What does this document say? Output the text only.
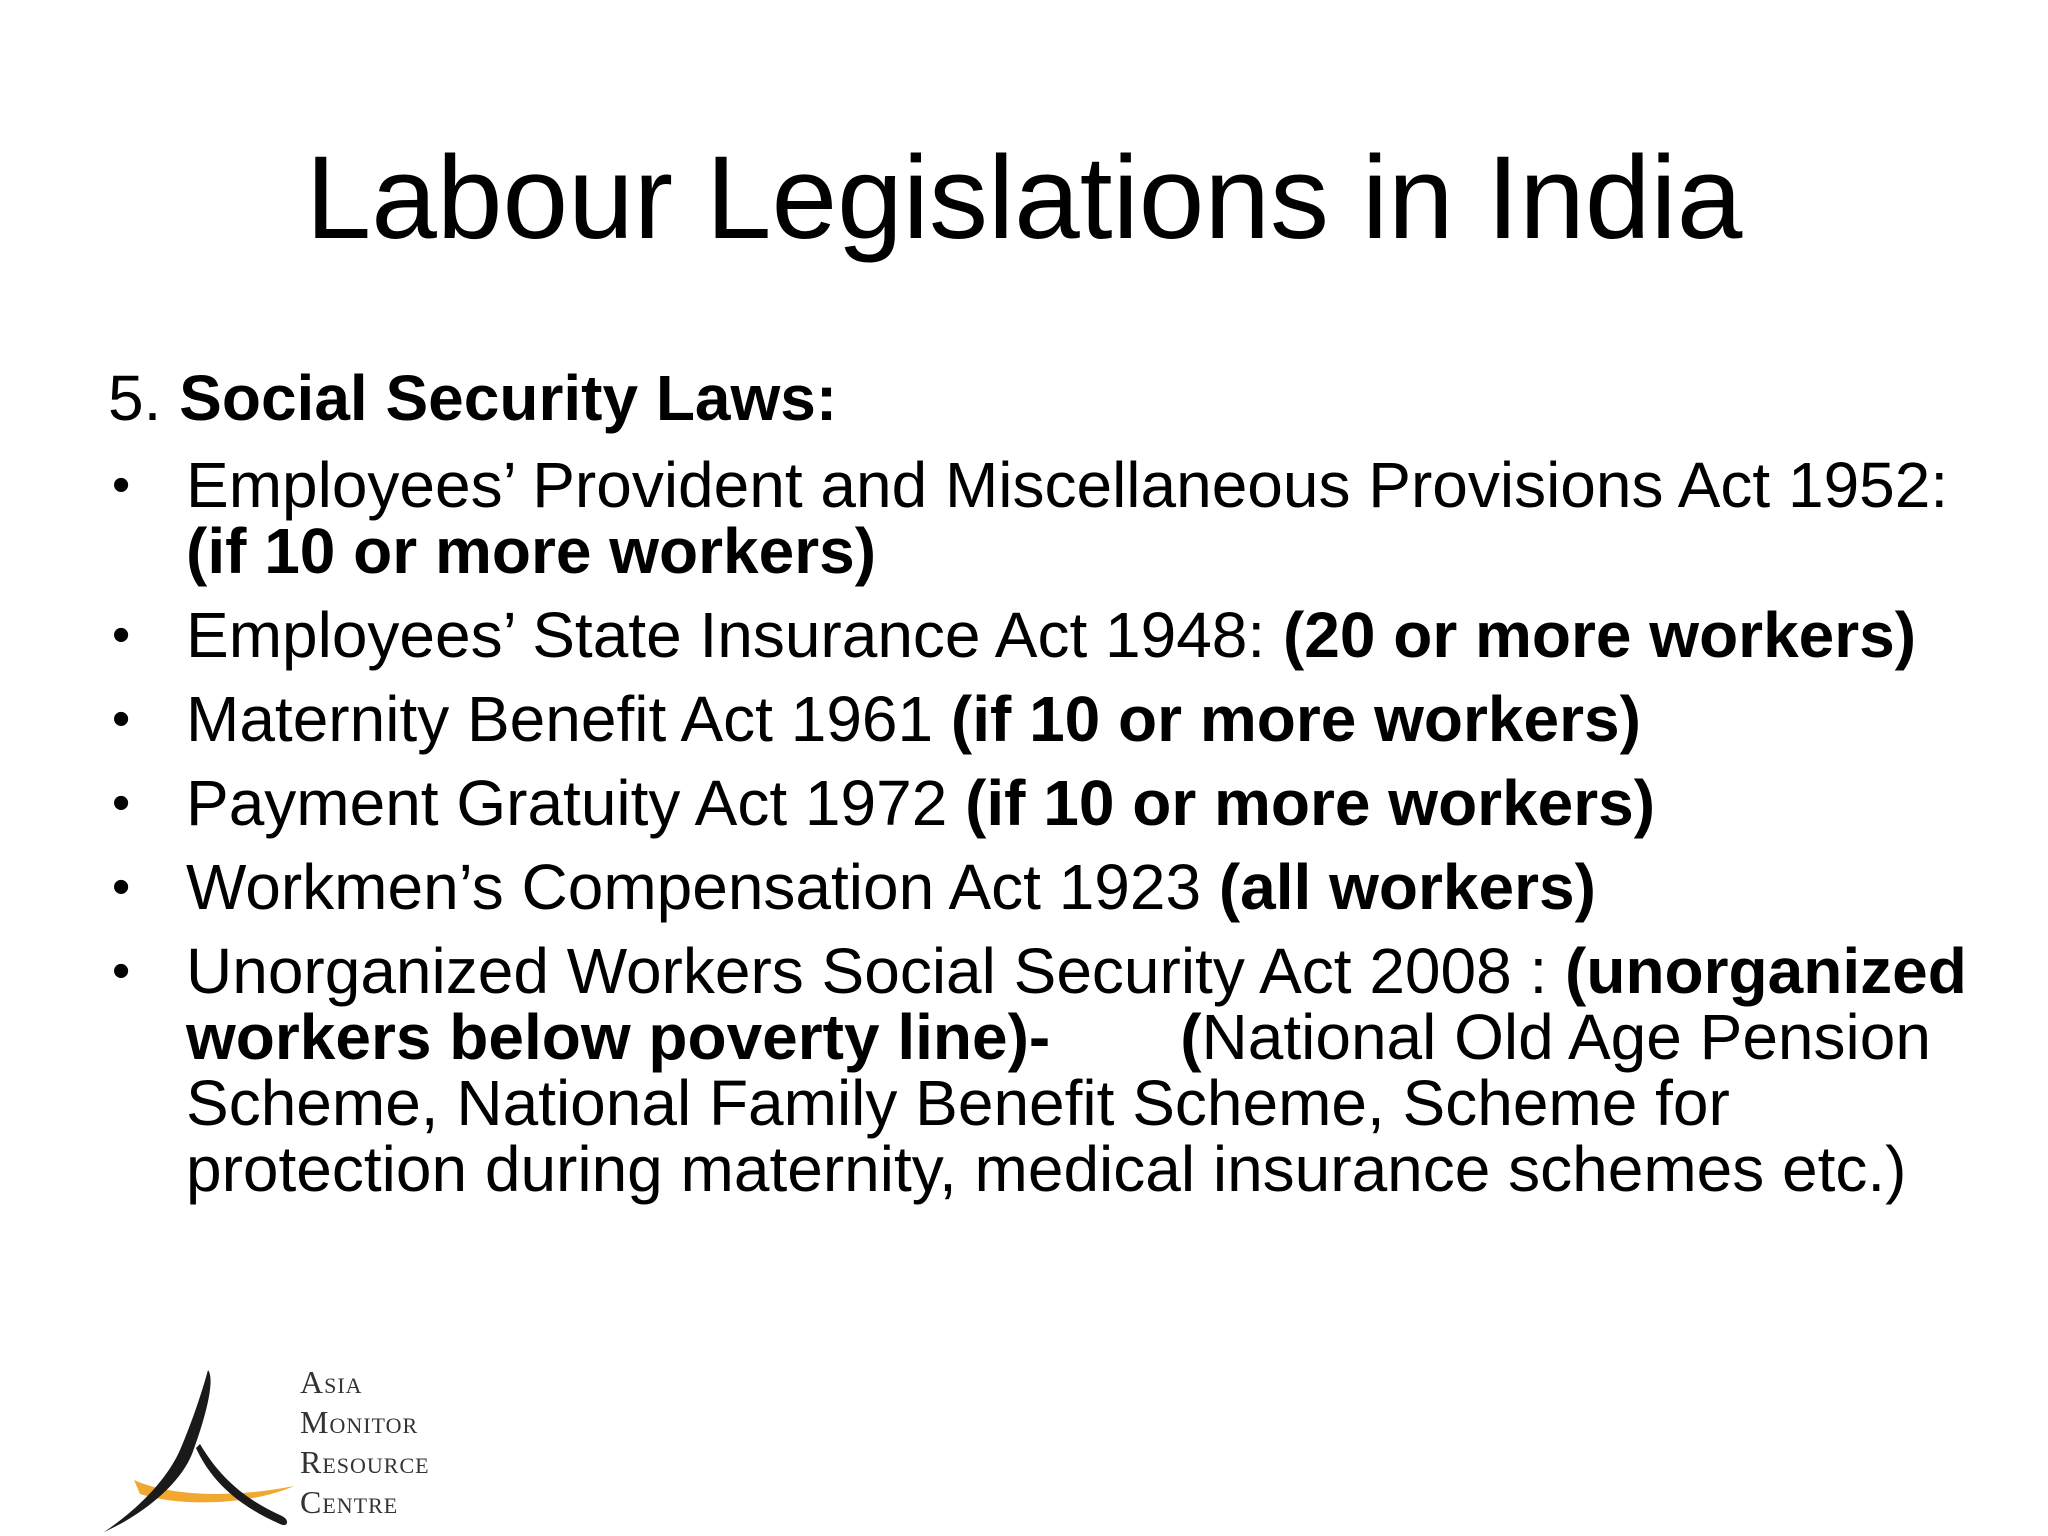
Labour Legislations in India
5. Social Security Laws:
• Employees’ Provident and Miscellaneous Provisions Act 1952: (if 10 or more workers)
• Employees’ State Insurance Act 1948: (20 or more workers)
• Maternity Benefit Act 1961 (if 10 or more workers)
• Payment Gratuity Act 1972 (if 10 or more workers)
• Workmen’s Compensation Act 1923 (all workers)
• Unorganized Workers Social Security Act 2008 : (unorganized workers below poverty line)- (National Old Age Pension Scheme, National Family Benefit Scheme, Scheme for protection during maternity, medical insurance schemes etc.)
Asia
Monitor
Resource
Centre
